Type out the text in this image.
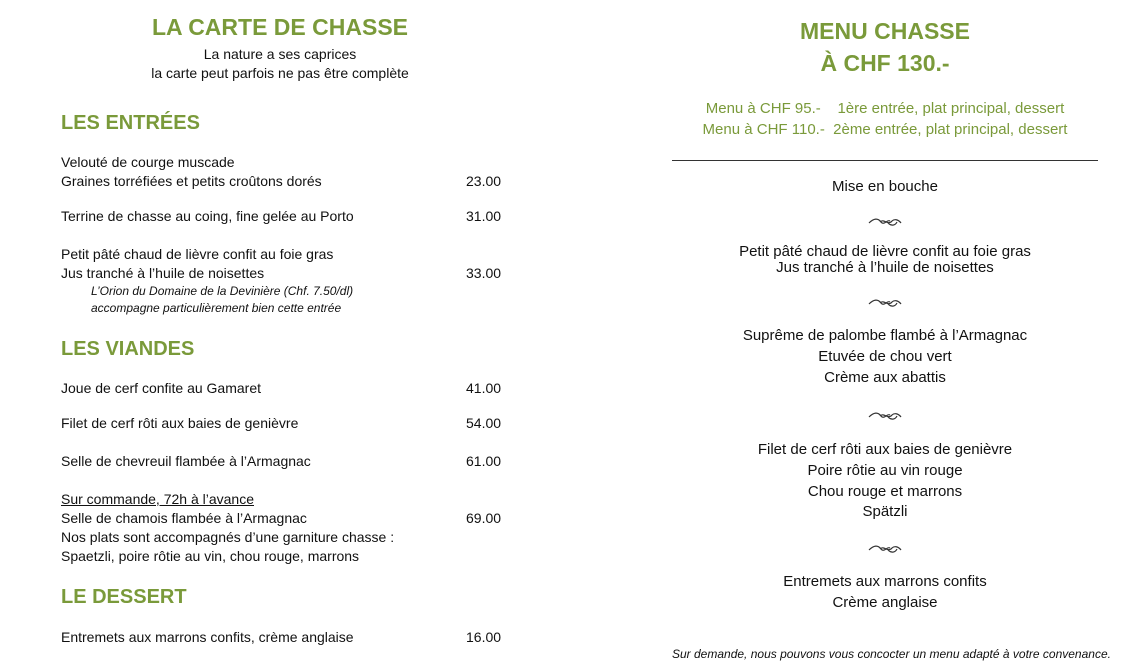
LA CARTE DE CHASSE
La nature a ses caprices
la carte peut parfois ne pas être complète
LES ENTRÉES
Velouté de courge muscade
Graines torréfiées et petits croûtons dorés	23.00
Terrine de chasse au coing, fine gelée au Porto	31.00
Petit pâté chaud de lièvre confit au foie gras
Jus tranché à l’huile de noisettes	33.00
L’Orion du Domaine de la Devinière (Chf. 7.50/dl)
accompagne particulièrement bien cette entrée
LES VIANDES
Joue de cerf confite au Gamaret	41.00
Filet de cerf rôti aux baies de genièvre	54.00
Selle de chevreuil flambée à l’Armagnac	61.00
Sur commande, 72h à l’avance
Selle de chamois flambée à l’Armagnac	69.00
Nos plats sont accompagnés d’une garniture chasse :
Spaetzli, poire rôtie au vin, chou rouge, marrons
LE DESSERT
Entremets aux marrons confits, crème anglaise	16.00
MENU CHASSE
À CHF 130.-
Menu à CHF 95.-    1ère entrée, plat principal, dessert
Menu à CHF 110.-  2ème entrée, plat principal, dessert
Mise en bouche
Petit pâté chaud de lièvre confit au foie gras
Jus tranché à l’huile de noisettes
Suprême de palombe flambé à l’Armagnac
Etuvée de chou vert
Crème aux abattis
Filet de cerf rôti aux baies de genièvre
Poire rôtie au vin rouge
Chou rouge et marrons
Spätzli
Entremets aux marrons confits
Crème anglaise
Sur demande, nous pouvons vous concocter un menu adapté à votre convenance.
